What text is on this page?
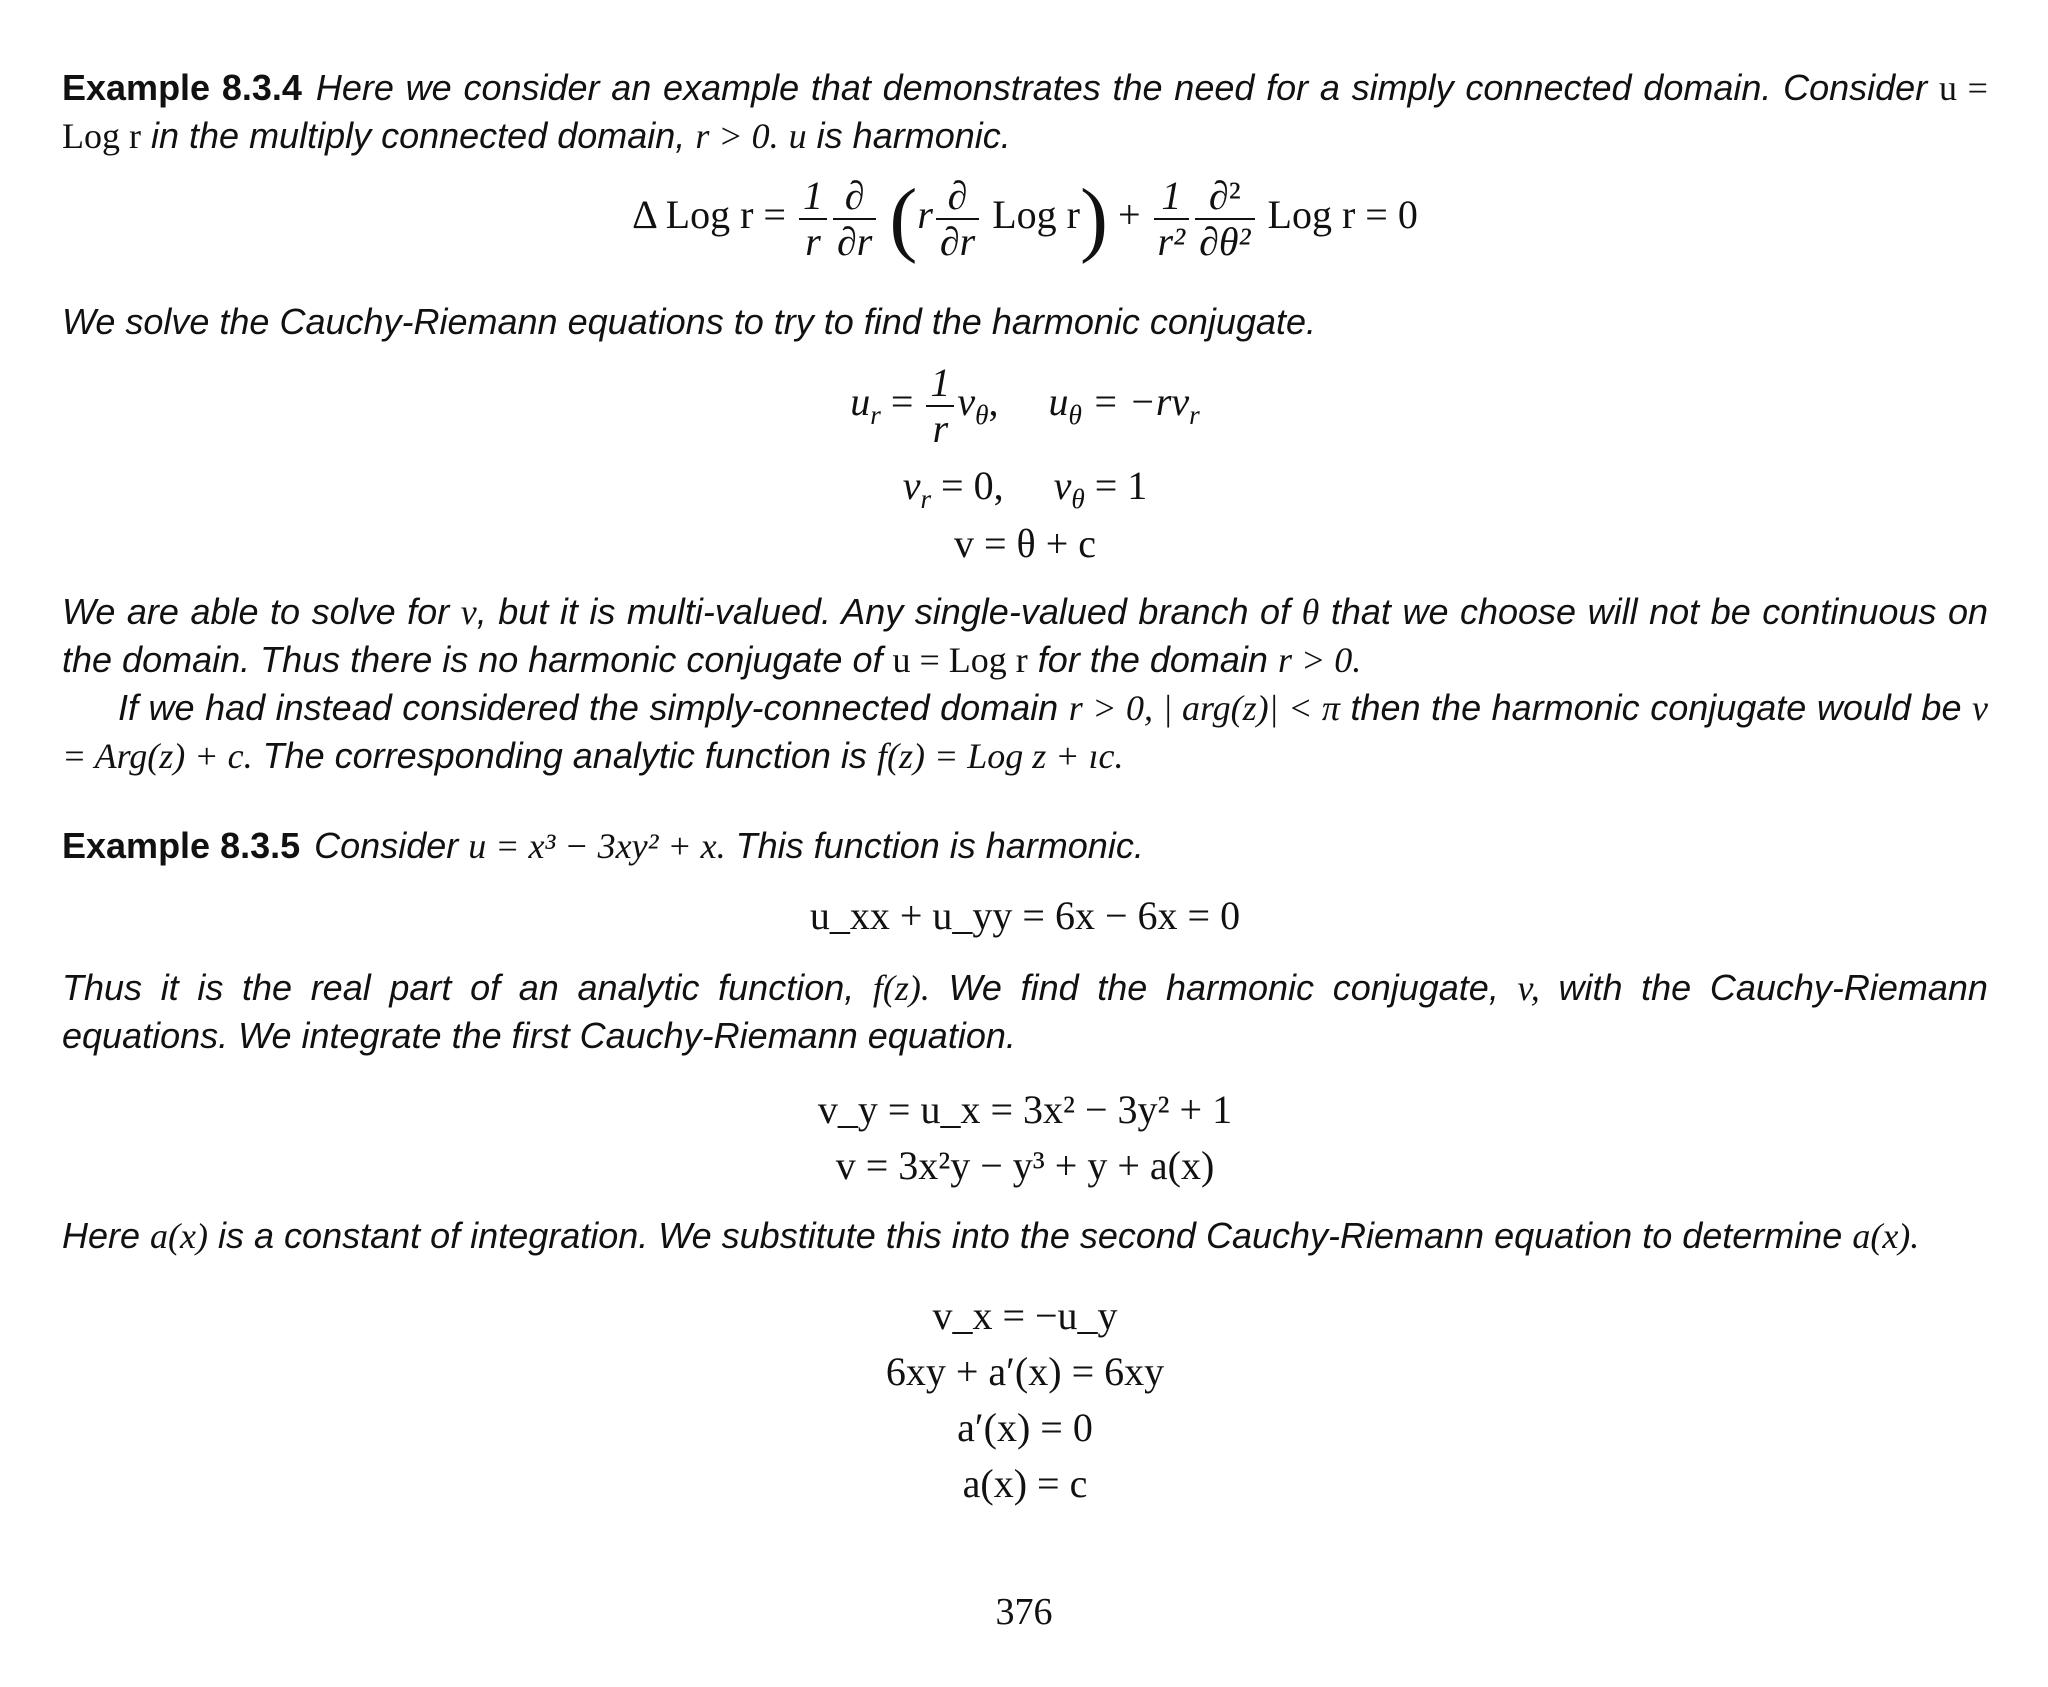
Example 8.3.4 Here we consider an example that demonstrates the need for a simply connected domain. Consider u = Log r in the multiply connected domain, r > 0. u is harmonic.
Δ Log $r = \frac{1}{r} \frac{\partial}{\partial r} (r \frac{\partial}{\partial r}$ Log $r) + \frac{1}{\text{r²}} \frac{\text{∂²}}{\text{∂θ²}}$ Log r = 0
We solve the Cauchy-Riemann equations to try to find the harmonic conjugate.
$u_r = \frac{1}{r} v_\theta$,     $u_\theta = -rv_r$
$v_r = 0$, $v_\theta = 1$
v = θ + c
We are able to solve for v, but it is multi-valued. Any single-valued branch of θ that we choose will not be continuous on the domain. Thus there is no harmonic conjugate of u = Log r for the domain r > 0.
If we had instead considered the simply-connected domain r > 0, | arg(z)| < π then the harmonic conjugate would be v = Arg(z) + c. The corresponding analytic function is f(z) = Log z + ıc.
Example 8.3.5 Consider u = x³ − 3xy² + x. This function is harmonic.
u_xx + u_yy = 6x − 6x = 0
Thus it is the real part of an analytic function, f(z). We find the harmonic conjugate, v, with the Cauchy-Riemann equations. We integrate the first Cauchy-Riemann equation.
v_y = u_x = 3x² − 3y² + 1
v = 3x²y − y³ + y + a(x)
Here a(x) is a constant of integration. We substitute this into the second Cauchy-Riemann equation to determine a(x).
v_x = −u_y
6xy + a′(x) = 6xy
a′(x) = 0
a(x) = c
376
